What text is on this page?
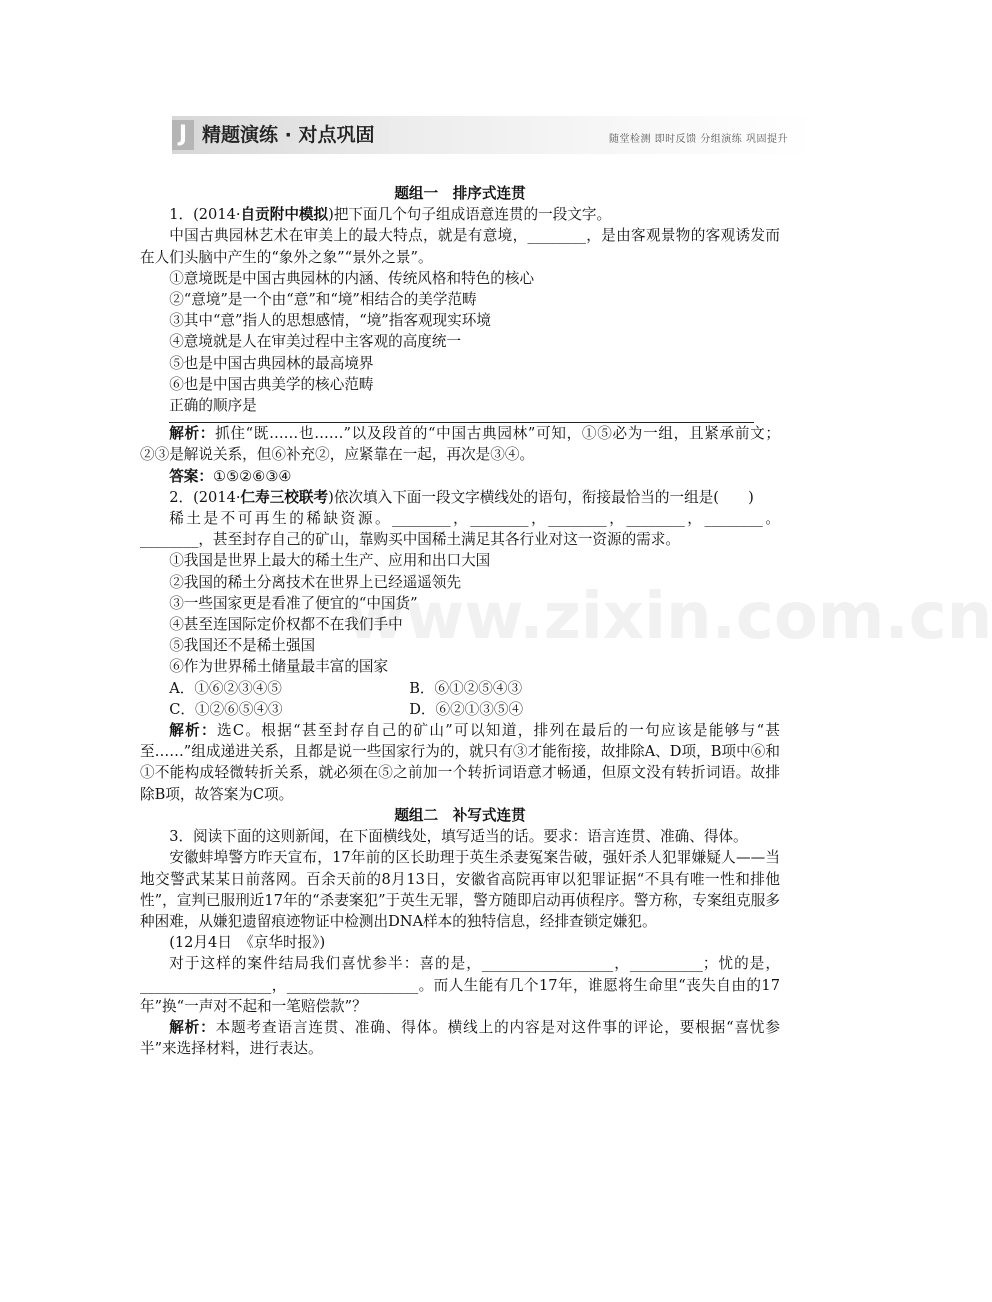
J 精题演练 · 对点巩固	随堂检测 即时反馈 分组演练 巩固提升
www.zixin.com.cn

题组一　排序式连贯

1．(2014·自贡附中模拟)把下面几个句子组成语意连贯的一段文字。

中国古典园林艺术在审美上的最大特点，就是有意境，________，是由客观景物的客观诱发而在人们头脑中产生的“象外之象”“景外之景”。

①意境既是中国古典园林的内涵、传统风格和特色的核心

②“意境”是一个由“意”和“境”相结合的美学范畴

③其中“意”指人的思想感情，“境”指客观现实环境

④意境就是人在审美过程中主客观的高度统一

⑤也是中国古典园林的最高境界

⑥也是中国古典美学的核心范畴

正确的顺序是

解析：抓住“既……也……”以及段首的“中国古典园林”可知，①⑤必为一组，且紧承前文；②③是解说关系，但⑥补充②，应紧靠在一起，再次是③④。

答案：①⑤②⑥③④

2．(2014·仁寿三校联考)依次填入下面一段文字横线处的语句，衔接最恰当的一组是(　　)

稀土是不可再生的稀缺资源。________，________，________，________，________。________，甚至封存自己的矿山，靠购买中国稀土满足其各行业对这一资源的需求。

①我国是世界上最大的稀土生产、应用和出口大国

②我国的稀土分离技术在世界上已经遥遥领先

③一些国家更是看准了便宜的“中国货”

④甚至连国际定价权都不在我们手中

⑤我国还不是稀土强国

⑥作为世界稀土储量最丰富的国家

A．①⑥②③④⑤	B．⑥①②⑤④③
C．①②⑥⑤④③	D．⑥②①③⑤④

解析：选C。根据“甚至封存自己的矿山”可以知道，排列在最后的一句应该是能够与“甚至……”组成递进关系，且都是说一些国家行为的，就只有③才能衔接，故排除A、D项，B项中⑥和①不能构成轻微转折关系，就必须在⑤之前加一个转折词语意才畅通，但原文没有转折词语。故排除B项，故答案为C项。

题组二　补写式连贯

3．阅读下面的这则新闻，在下面横线处，填写适当的话。要求：语言连贯、准确、得体。

安徽蚌埠警方昨天宣布，17年前的区长助理于英生杀妻冤案告破，强奸杀人犯罪嫌疑人——当地交警武某某日前落网。百余天前的8月13日，安徽省高院再审以犯罪证据“不具有唯一性和排他性”，宣判已服刑近17年的“杀妻案犯”于英生无罪，警方随即启动再侦程序。警方称，专案组克服多种困难，从嫌犯遗留痕迹物证中检测出DNA样本的独特信息，经排查锁定嫌犯。

(12月4日　《京华时报》)

对于这样的案件结局我们喜忧参半：喜的是，__________________，__________；忧的是，__________________，__________________。而人生能有几个17年，谁愿将生命里“丧失自由的17年”换“一声对不起和一笔赔偿款”？

解析：本题考查语言连贯、准确、得体。横线上的内容是对这件事的评论，要根据“喜忧参半”来选择材料，进行表达。
